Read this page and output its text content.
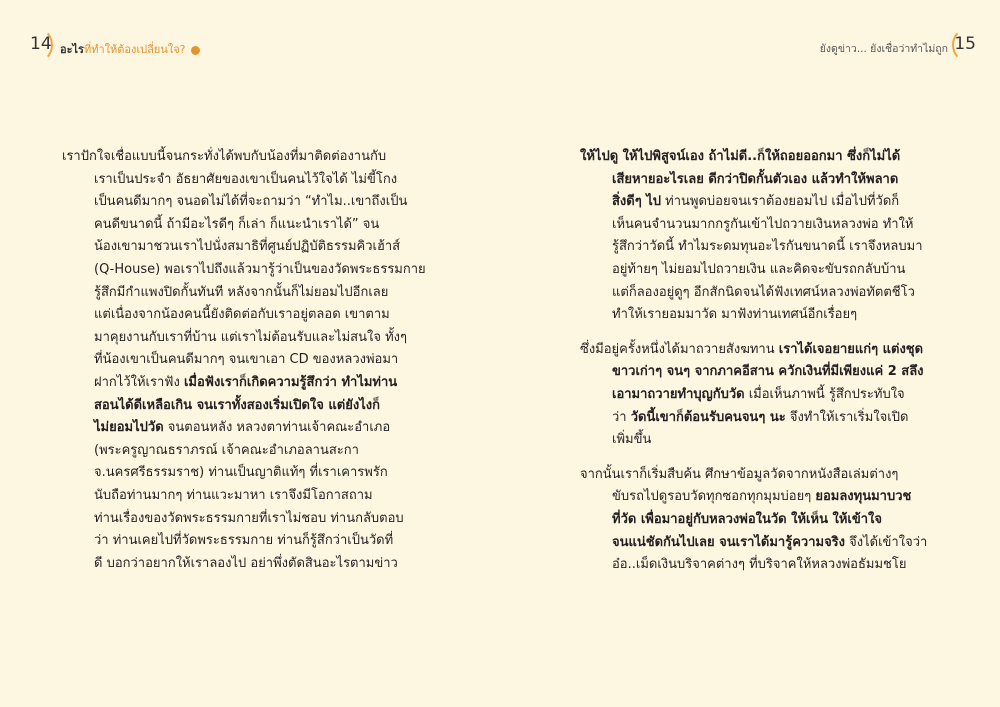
14 อะไรที่ทำให้ต้องเปลี่ยนใจ?
เราปักใจเชื่อแบบนี้จนกระทั่งได้พบกับน้องที่มาติดต่องานกับ
เราเป็นประจำ อัธยาศัยของเขาเป็นคนไว้ใจได้ ไม่ขี้โกง
เป็นคนดีมากๆ จนอดไม่ได้ที่จะถามว่า “ทำไม..เขาถึงเป็น
คนดีขนาดนี้ ถ้ามีอะไรดีๆ ก็เล่า ก็แนะนำเราได้” จน
น้องเขามาชวนเราไปนั่งสมาธิที่ศูนย์ปฏิบัติธรรมคิวเฮ้าส์
(Q-House) พอเราไปถึงแล้วมารู้ว่าเป็นของวัดพระธรรมกาย
รู้สึกมีกำแพงปิดกั้นทันที หลังจากนั้นก็ไม่ยอมไปอีกเลย
แต่เนื่องจากน้องคนนี้ยังติดต่อกับเราอยู่ตลอด เขาตาม
มาคุยงานกับเราที่บ้าน แต่เราไม่ต้อนรับและไม่สนใจ ทั้งๆ
ที่น้องเขาเป็นคนดีมากๆ จนเขาเอา CD ของหลวงพ่อมา
ฝากไว้ให้เราฟัง เมื่อฟังเราก็เกิดความรู้สึกว่า ทำไมท่าน
สอนได้ดีเหลือเกิน จนเราทั้งสองเริ่มเปิดใจ แต่ยังไงก็
ไม่ยอมไปวัด จนตอนหลัง หลวงตาท่านเจ้าคณะอำเภอ
(พระครูญาณธราภรณ์ เจ้าคณะอำเภอลานสะกา
จ.นครศรีธรรมราช) ท่านเป็นญาติแท้ๆ ที่เราเคารพรัก
นับถือท่านมากๆ ท่านแวะมาหา เราจึงมีโอกาสถาม
ท่านเรื่องของวัดพระธรรมกายที่เราไม่ชอบ ท่านกลับตอบ
ว่า ท่านเคยไปที่วัดพระธรรมกาย ท่านก็รู้สึกว่าเป็นวัดที่
ดี บอกว่าอยากให้เราลองไป อย่าพึ่งตัดสินอะไรตามข่าว
ยังดูข่าว... ยังเชื่อว่าทำไม่ถูก 15
ให้ไปดู ให้ไปพิสูจน์เอง ถ้าไม่ดี..ก็ให้ถอยออกมา ซึ่งก็ไม่ได้
เสียหายอะไรเลย ดีกว่าปิดกั้นตัวเอง แล้วทำให้พลาด
สิ่งดีๆ ไป ท่านพูดบ่อยจนเราต้องยอมไป เมื่อไปที่วัดก็
เห็นคนจำนวนมากกรูกันเข้าไปถวายเงินหลวงพ่อ ทำให้
รู้สึกว่าวัดนี้ ทำไมระดมทุนอะไรกันขนาดนี้ เราจึงหลบมา
อยู่ท้ายๆ ไม่ยอมไปถวายเงิน และคิดจะขับรถกลับบ้าน
แต่ก็ลองอยู่ดูๆ อีกสักนิดจนได้ฟังเทศน์หลวงพ่อทัตตชีโว
ทำให้เรายอมมาวัด มาฟังท่านเทศน์อีกเรื่อยๆ
ซึ่งมีอยู่ครั้งหนึ่งได้มาถวายสังฆทาน เราได้เจอยายแก่ๆ แต่งชุด
ขาวเก่าๆ จนๆ จากภาคอีสาน ควักเงินที่มีเพียงแค่ 2 สลึง
เอามาถวายทำบุญกับวัด เมื่อเห็นภาพนี้ รู้สึกประทับใจ
ว่า วัดนี้เขาก็ต้อนรับคนจนๆ นะ จึงทำให้เราเริ่มใจเปิด
เพิ่มขึ้น
จากนั้นเราก็เริ่มสืบค้น ศึกษาข้อมูลวัดจากหนังสือเล่มต่างๆ
ขับรถไปดูรอบวัดทุกซอกทุกมุมบ่อยๆ ยอมลงทุนมาบวช
ที่วัด เพื่อมาอยู่กับหลวงพ่อในวัด ให้เห็น ให้เข้าใจ
จนแน่ชัดกันไปเลย จนเราได้มารู้ความจริง จึงได้เข้าใจว่า
อ๋อ..เม็ดเงินบริจาคต่างๆ ที่บริจาคให้หลวงพ่อธัมมชโย
